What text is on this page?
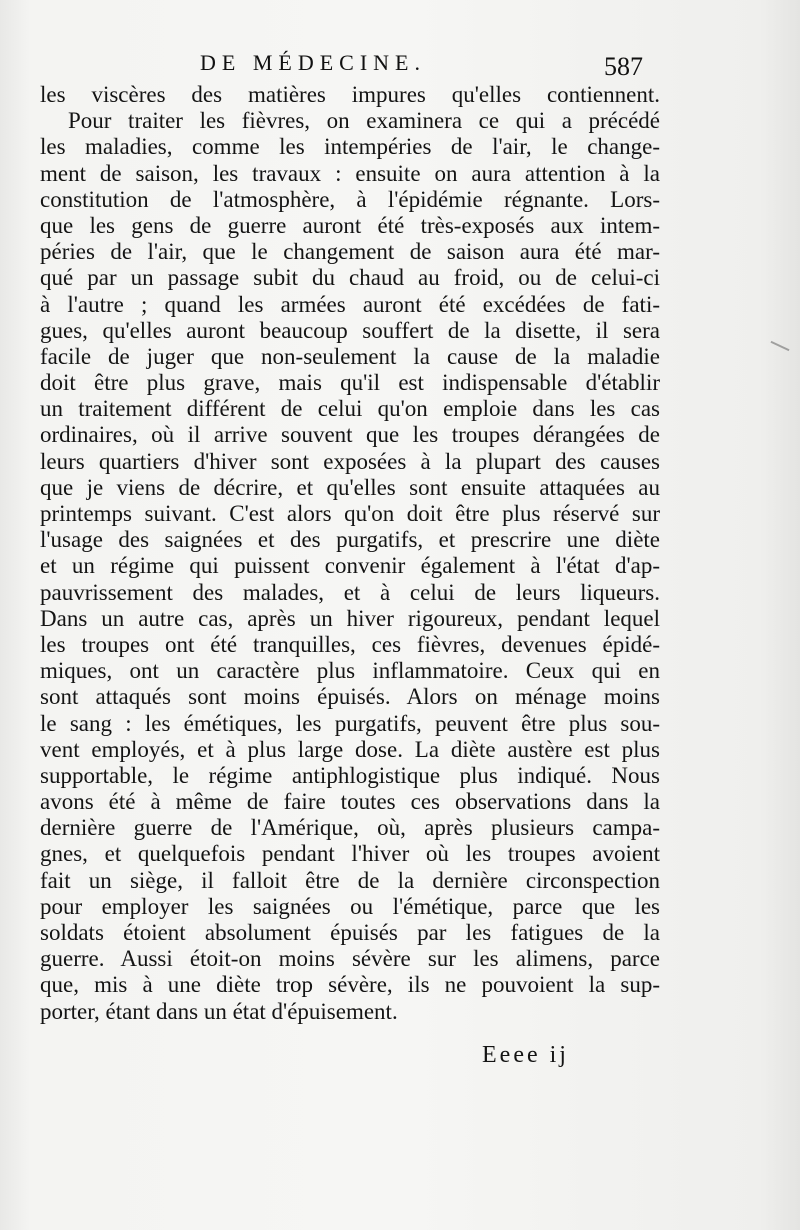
DE MÉDECINE.	587
les viscères des matières impures qu'elles contiennent.
Pour traiter les fièvres, on examinera ce qui a précédé
les maladies, comme les intempéries de l'air, le change-
ment de saison, les travaux : ensuite on aura attention à la
constitution de l'atmosphère, à l'épidémie régnante. Lors-
que les gens de guerre auront été très-exposés aux intem-
péries de l'air, que le changement de saison aura été mar-
qué par un passage subit du chaud au froid, ou de celui-ci
à l'autre ; quand les armées auront été excédées de fati-
gues, qu'elles auront beaucoup souffert de la disette, il sera
facile de juger que non-seulement la cause de la maladie
doit être plus grave, mais qu'il est indispensable d'établir
un traitement différent de celui qu'on emploie dans les cas
ordinaires, où il arrive souvent que les troupes dérangées de
leurs quartiers d'hiver sont exposées à la plupart des causes
que je viens de décrire, et qu'elles sont ensuite attaquées au
printemps suivant. C'est alors qu'on doit être plus réservé sur
l'usage des saignées et des purgatifs, et prescrire une diète
et un régime qui puissent convenir également à l'état d'ap-
pauvrissement des malades, et à celui de leurs liqueurs.
Dans un autre cas, après un hiver rigoureux, pendant lequel
les troupes ont été tranquilles, ces fièvres, devenues épidé-
miques, ont un caractère plus inflammatoire. Ceux qui en
sont attaqués sont moins épuisés. Alors on ménage moins
le sang : les émétiques, les purgatifs, peuvent être plus sou-
vent employés, et à plus large dose. La diète austère est plus
supportable, le régime antiphlogistique plus indiqué. Nous
avons été à même de faire toutes ces observations dans la
dernière guerre de l'Amérique, où, après plusieurs campa-
gnes, et quelquefois pendant l'hiver où les troupes avoient
fait un siège, il falloit être de la dernière circonspection
pour employer les saignées ou l'émétique, parce que les
soldats étoient absolument épuisés par les fatigues de la
guerre. Aussi étoit-on moins sévère sur les alimens, parce
que, mis à une diète trop sévère, ils ne pouvoient la sup-
porter, étant dans un état d'épuisement.
Eeee ij
